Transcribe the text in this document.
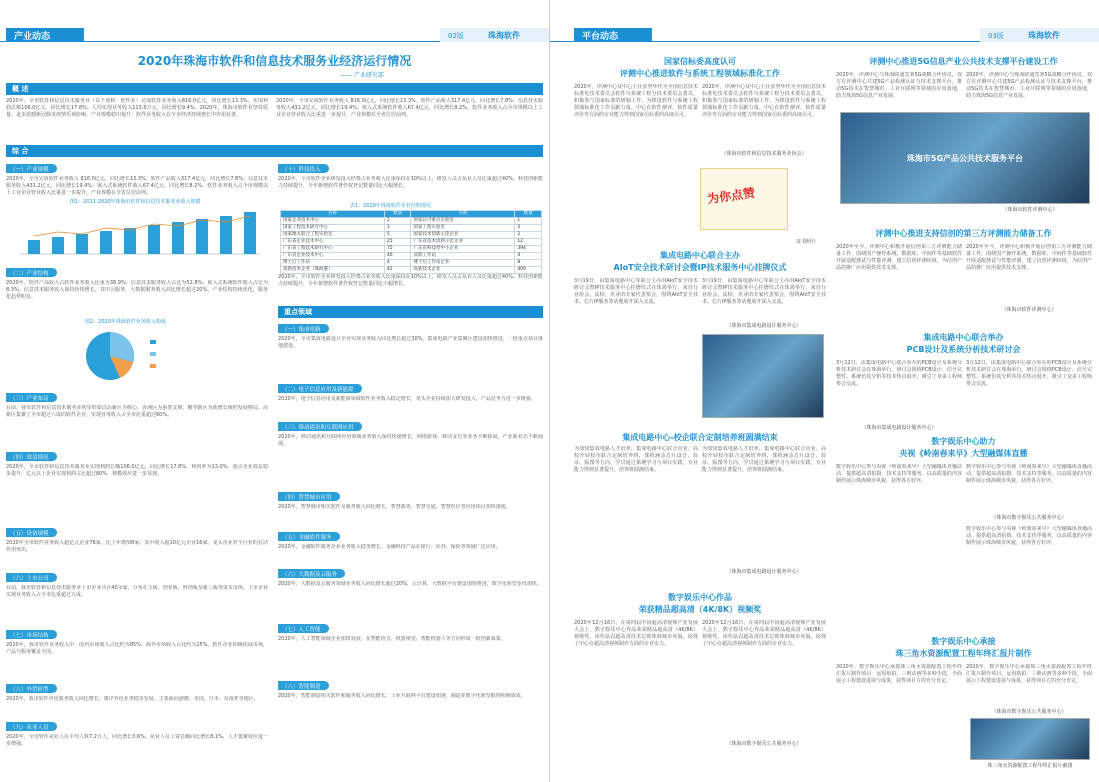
产业动态	02版	珠海软件
2020年珠海市软件和信息技术服务业经济运行情况
—— 产业研究部
概 述
2020年，全市软件和信息技术服务业（以下简称：软件业）完成软件业务收入816.0亿元，同比增长13.3%。实现利润总额106.0亿元，同比增长17.8%；人均实现业务收入113.6万元，同比增长9.4%。2020年，珠海市软件业坚持质量、退步震撼新冠肺炎疫情乐观影响，产业规模稳中提升；软件业务收入在全市经济持续增长中作用显著。
2020年，全市完成软件业务收入 816.0亿元，同比增长13.3%。软件产品收入317.4亿元，同比增长7.8%；信息技术服务收入431.2亿元，同比增长19.4%；嵌入式系统软件收入67.4亿元，同比增长8.2%。软件业务收入占全市规模以上工业企业营业收入比重进一步提升，产业规模在全省位居前列。
综 合
（一）产业规模
2020年，全市完成软件业务收入 816.0亿元，同比增长13.3%。软件产品收入317.4亿元，同比增长7.8%；信息技术服务收入431.2亿元，同比增长19.4%；嵌入式系统软件收入67.4亿元，同比增长8.2%。软件业务收入占全市规模以上工业企业营业收入比重进一步提升，产业规模在全省位居前列。
图1：2011-2020年珠海市软件和信息技术服务业收入规模
（二）产业结构
2020年，软件产品收入占软件业务收入比重为38.9%；信息技术服务收入占比为52.8%；嵌入式系统软件收入占比为8.3%。信息技术服务收入保持较快增长，其中云服务、大数据服务收入同比增长超过20%，产业结构持续优化，服务化趋势明显。
图2：2020年珠海软件业务收入构成
（三）产业布局
目前，我市软件和信息技术服务业初步形成以高新区为核心、香洲区为重要支撑、横琴新区为新增长极的发展格局。高新区集聚了全市超过六成的软件企业，实现业务收入占全市比重超过60%。
（四）效益情况
2020年，全市软件和信息技术服务业实现利润总额106.0亿元，同比增长17.8%，利润率为13.0%。重点企业效益稳步提升，亿元以上企业实现利润占比超过80%，规模效应进一步显现。
（五）设备规模
2020年全市软件业务收入超亿元企业76家，比上年增加8家；其中收入超10亿元企业16家。龙头企业对全行业的拉动作用突出。
（六）上市公司
目前，我市软件和信息技术服务业上市企业共计40余家，分布在主板、创业板、科创板及新三板等资本市场，上市企业实现业务收入占全市比重超过五成。
（七）市场结构
2020年，我市软件业务收入中，国内市场收入占比约为85%；海外市场收入占比约为15%。软件企业积极拓展市场，产品与服务覆盖全国。
（八）外贸转型
2020年，我市软件外包服务收入同比增长，离岸外包业务稳步发展，主要面向港澳、美国、日本、东南亚等地区。
（九）从业人员
2020年，全市软件从业人员平均人数7.2万人，同比增长3.6%。从业人员工资总额同比增长8.1%，人才集聚效应进一步增强。
（十）科技投入
2020年，全市软件企业研发投入经费占业务收入比重保持在10%以上，研发人员占从业人员比重超过40%。科技创新能力持续提升，全年新增软件著作权登记数量同比大幅增长。
表1：2020年珠海软件企业结构情况
名称	数量	名称	数量
国家企业技术中心	2	国家认可重点实验室	1
国家工程技术研究中心	1	国家工程实验室	3
国家地方联合工程实验室	5	国家技术创新示范企业	2
广东省企业技术中心	25	广东省技术创新示范企业	12
广东省工程技术研究中心	75	广东省科技型中小企业	394
广东省企业技术中心	46	双软工作站	4
博士后工作站	4	博士后工作站企业	8
高新技术企业（珠海港）	42	高新技术企业	409
2020年，全市软件企业研发投入经费占业务收入比重保持在10%以上，研发人员占从业人员比重超过40%。科技创新能力持续提升，全年新增软件著作权登记数量同比大幅增长。
重点领域
（一）集成电路
2020年，全市集成电路设计企业实现业务收入同比增长超过30%，集成电路产业集聚区建设加快推进，一批重点项目落地建设。
（二）电子信息应用及新能源
2020年，电子信息应用及新能源领域软件业务收入稳定增长，龙头企业持续加大研发投入，产品竞争力进一步增强。
（三）移动通讯和互联网应用
2020年，移动通讯和互联网应用领域业务收入保持快速增长，网络游戏、移动支付等业务不断拓展，产业新业态不断涌现。
（四）智慧城市应用
2020年，智慧城市相关软件及服务收入同比增长，智慧政务、智慧交通、智慧医疗等应用项目加快落地。
（五）金融软件服务
2020年，金融软件服务企业业务收入稳步增长，金融科技产品在银行、证券、保险等领域广泛应用。
（六）大数据及云服务
2020年，大数据及云服务领域业务收入同比增长超过20%，云计算、大数据平台建设加快推进，数字化转型步伐加快。
（七）人工智能
2020年，人工智能领域企业加快发展，在智能语音、机器视觉、智能机器人等方向形成一批创新成果。
（八）智能制造
2020年，智能制造相关软件和服务收入同比增长，工业互联网平台建设加速，制造业数字化转型取得积极成效。
平台动态	03版	珠海软件
国家信标委高度认可
评测中心推进软件与系统工程领域标准化工作
2020年，评测中心及中心主任张望华作为全国信息技术标准化技术委员会软件与系统工程分技术委员会委员，积极参与国家标准的研制工作，为推进软件与系统工程领域标准化工作贡献力量。中心在软件测评、软件质量评价等方面的专业能力得到国家信标委的高度认可。
2020年，评测中心及中心主任张望华作为全国信息技术标准化技术委员会软件与系统工程分技术委员会委员，积极参与国家标准的研制工作，为推进软件与系统工程领域标准化工作贡献力量。中心在软件测评、软件质量评价等方面的专业能力得到国家信标委的高度认可。
（珠海市软件和信息技术服务业协会）
为你点赞
证书照片
集成电路中心联合主办
AIoT安全技术研讨会暨IP技术服务中心挂牌仪式
3月19日，由集成电路中心等联合主办的AIoT安全技术研讨会暨IP技术服务中心挂牌仪式在珠海举行。来自行业协会、高校、企业的专家代表参会，围绕AIoT安全技术、芯片IP服务等话题展开深入交流。
3月19日，由集成电路中心等联合主办的AIoT安全技术研讨会暨IP技术服务中心挂牌仪式在珠海举行。来自行业协会、高校、企业的专家代表参会，围绕AIoT安全技术、芯片IP服务等话题展开深入交流。
（珠海市集成电路设计服务中心）
集成电路中心-校企联合定制培养班圆满结束
为加快集成电路人才培养，集成电路中心联合企业、高校开展校企联合定制培养班，课程涵盖芯片设计、验证、版图等方向，学员通过系统学习与项目实践，专业能力得到显著提升，培养班圆满结束。
为加快集成电路人才培养，集成电路中心联合企业、高校开展校企联合定制培养班，课程涵盖芯片设计、验证、版图等方向，学员通过系统学习与项目实践，专业能力得到显著提升，培养班圆满结束。
（珠海市集成电路设计服务中心）
数字娱乐中心作品
荣获精品超高清（4K/8K）视频奖
2020年12月16日，在第四届中国超高清视频产业发展大会上，数字娱乐中心作品荣获精品超高清（4K/8K）视频奖。该作品以超高清技术呈现珠海城市风貌，展现了中心在超高清视频制作方面的专业实力。
2020年12月16日，在第四届中国超高清视频产业发展大会上，数字娱乐中心作品荣获精品超高清（4K/8K）视频奖。该作品以超高清技术呈现珠海城市风貌，展现了中心在超高清视频制作方面的专业实力。
（珠海市数字娱乐公共服务中心）
评测中心推进5G信息产业公共技术支撑平台建设工作
2020年，评测中心与珠海联通签署5G战略合作协议，双方在评测中心共建5G产品检测认证与技术支撑平台，推动5G技术在智慧城市、工业互联网等领域的应用落地，助力珠海5G信息产业发展。
2020年，评测中心与珠海联通签署5G战略合作协议，双方在评测中心共建5G产品检测认证与技术支撑平台，推动5G技术在智慧城市、工业互联网等领域的应用落地，助力珠海5G信息产业发展。
珠海市5G产品公共技术服务平台
（珠海市软件评测中心）
评测中心推进支持信创的第三方评测能力储备工作
2020年至今，评测中心积极开展信创第三方评测能力储备工作，围绕国产操作系统、数据库、中间件等基础软件开展适配测试与性能评测，建立信创评测环境，为信创产品的推广应用提供技术支撑。
2020年至今，评测中心积极开展信创第三方评测能力储备工作，围绕国产操作系统、数据库、中间件等基础软件开展适配测试与性能评测，建立信创评测环境，为信创产品的推广应用提供技术支撑。
（珠海市软件评测中心）
集成电路中心联合举办
PCB设计及系统分析技术研讨会
3月12日，由集成电路中心联合举办的PCB设计及系统分析技术研讨会在珠海举行。研讨会围绕PCB设计、信号完整性、系统仿真分析等技术热点展开，吸引了众多工程师参会交流。
3月12日，由集成电路中心联合举办的PCB设计及系统分析技术研讨会在珠海举行。研讨会围绕PCB设计、信号完整性、系统仿真分析等技术热点展开，吸引了众多工程师参会交流。
（珠海市集成电路设计服务中心）
数字娱乐中心助力
央视《岭南春来早》大型融媒体直播
数字娱乐中心参与央视《岭南春来早》大型融媒体直播活动，提供超高清拍摄、技术支持等服务，以高质量的内容制作展示珠海城市风貌，获得各方好评。
数字娱乐中心参与央视《岭南春来早》大型融媒体直播活动，提供超高清拍摄、技术支持等服务，以高质量的内容制作展示珠海城市风貌，获得各方好评。
（珠海市数字娱乐公共服务中心）
数字娱乐中心参与央视《岭南春来早》大型融媒体直播活动，提供超高清拍摄、技术支持等服务，以高质量的内容制作展示珠海城市风貌，获得各方好评。
数字娱乐中心承接
珠三角水资源配置工程年终汇报片制作
2020年，数字娱乐中心承接珠三角水资源配置工程年终汇报片制作项目，运用航拍、三维动画等多种手段，全面展示工程建设进展与成果，获得项目方的充分肯定。
2020年，数字娱乐中心承接珠三角水资源配置工程年终汇报片制作项目，运用航拍、三维动画等多种手段，全面展示工程建设进展与成果，获得项目方的充分肯定。
（珠海市数字娱乐公共服务中心）
珠三角水资源配置工程年终汇报片截图
